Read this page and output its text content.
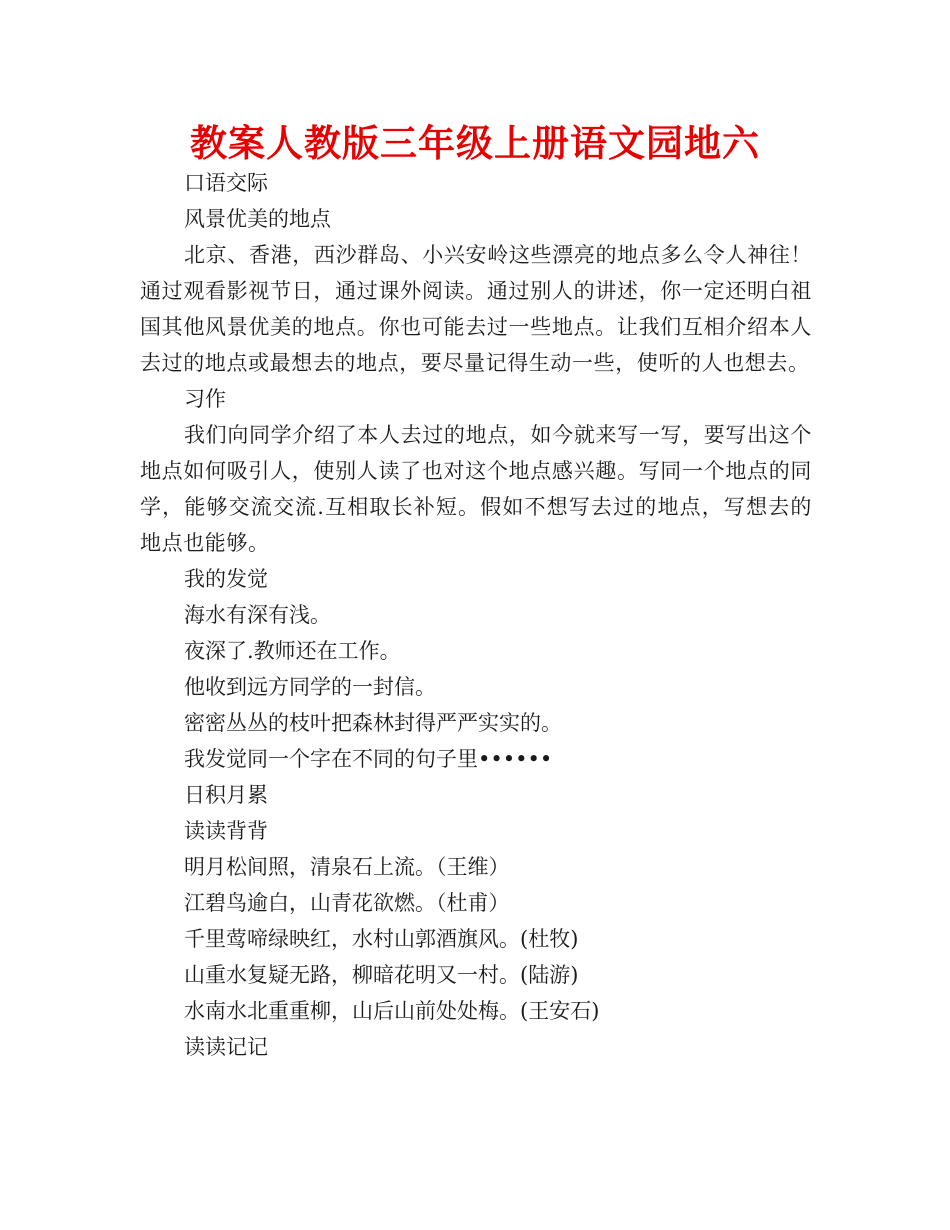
教案人教版三年级上册语文园地六
口语交际
风景优美的地点
北京、香港，西沙群岛、小兴安岭这些漂亮的地点多么令人神往！通过观看影视节日，通过课外阅读。通过别人的讲述，你一定还明白祖国其他风景优美的地点。你也可能去过一些地点。让我们互相介绍本人去过的地点或最想去的地点，要尽量记得生动一些，使听的人也想去。
习作
我们向同学介绍了本人去过的地点，如今就来写一写，要写出这个地点如何吸引人，使别人读了也对这个地点感兴趣。写同一个地点的同学，能够交流交流.互相取长补短。假如不想写去过的地点，写想去的地点也能够。
我的发觉
海水有深有浅。
夜深了.教师还在工作。
他收到远方同学的一封信。
密密丛丛的枝叶把森林封得严严实实的。
我发觉同一个字在不同的句子里••••••
日积月累
读读背背
明月松间照，清泉石上流。（王维）
江碧鸟逾白，山青花欲燃。（杜甫）
千里莺啼绿映红，水村山郭酒旗风。(杜牧)
山重水复疑无路，柳暗花明又一村。(陆游)
水南水北重重柳，山后山前处处梅。(王安石)
读读记记
